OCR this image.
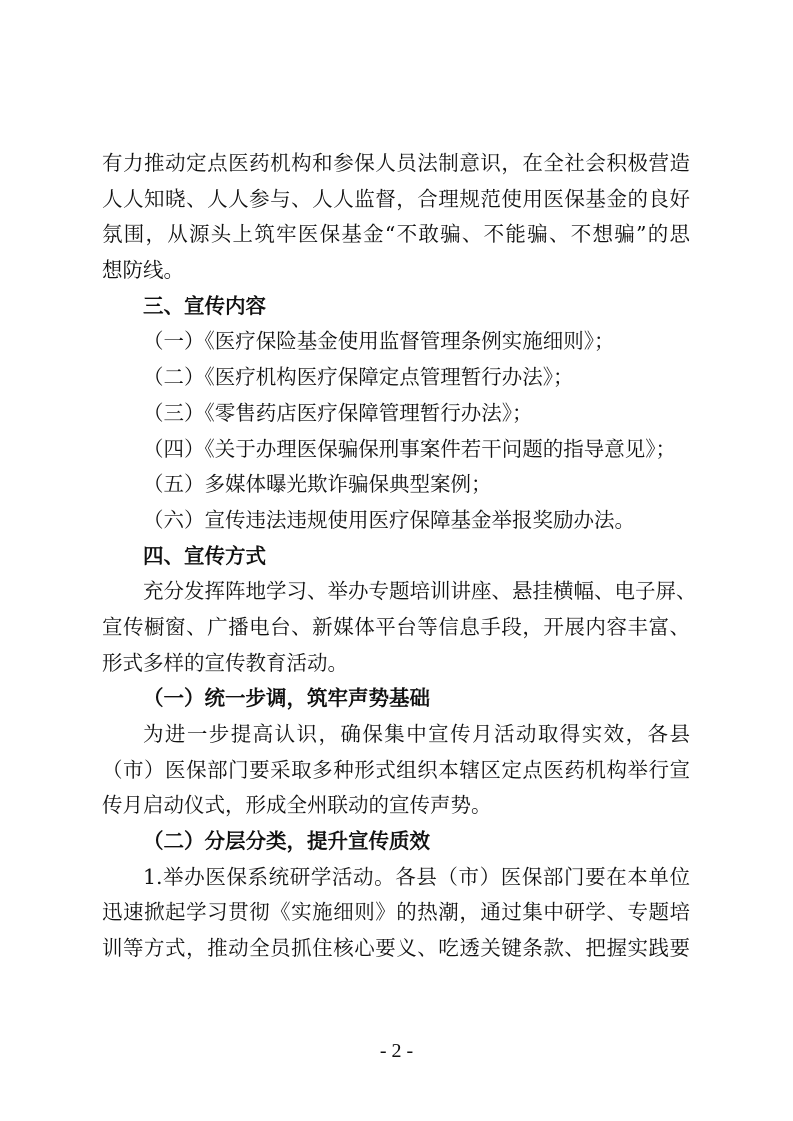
有力推动定点医药机构和参保人员法制意识，在全社会积极营造
人人知晓、人人参与、人人监督，合理规范使用医保基金的良好
氛围，从源头上筑牢医保基金“不敢骗、不能骗、不想骗”的思
想防线。
三、宣传内容
（一）《医疗保险基金使用监督管理条例实施细则》；
（二）《医疗机构医疗保障定点管理暂行办法》；
（三）《零售药店医疗保障管理暂行办法》；
（四）《关于办理医保骗保刑事案件若干问题的指导意见》；
（五）多媒体曝光欺诈骗保典型案例；
（六）宣传违法违规使用医疗保障基金举报奖励办法。
四、宣传方式
充分发挥阵地学习、举办专题培训讲座、悬挂横幅、电子屏、
宣传橱窗、广播电台、新媒体平台等信息手段，开展内容丰富、
形式多样的宣传教育活动。
（一）统一步调，筑牢声势基础
为进一步提高认识，确保集中宣传月活动取得实效，各县
（市）医保部门要采取多种形式组织本辖区定点医药机构举行宣
传月启动仪式，形成全州联动的宣传声势。
（二）分层分类，提升宣传质效
1.举办医保系统研学活动。各县（市）医保部门要在本单位
迅速掀起学习贯彻《实施细则》的热潮，通过集中研学、专题培
训等方式，推动全员抓住核心要义、吃透关键条款、把握实践要
- 2 -
